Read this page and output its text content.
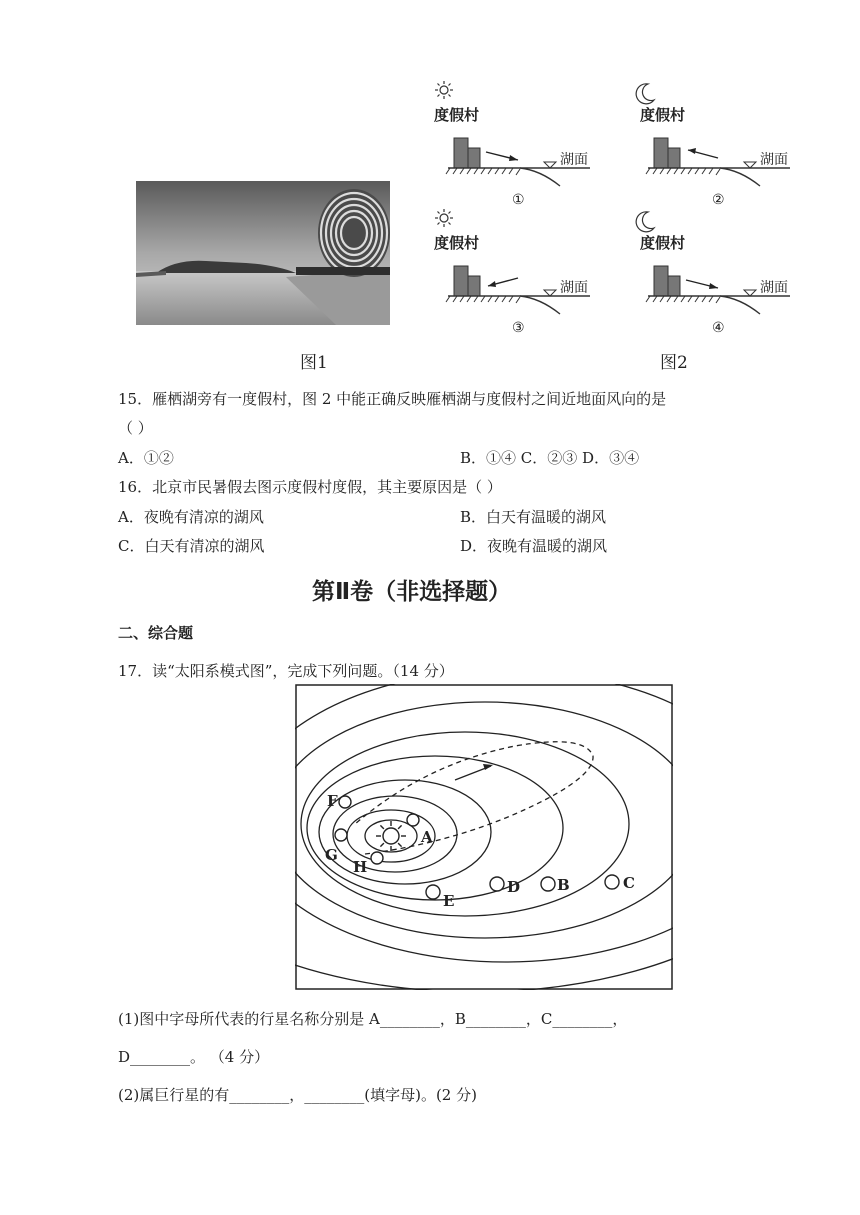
图1
度假村
湖面
①
度假村
湖面
②
度假村
湖面
③
度假村
湖面
④
图2
15．雁栖湖旁有一度假村，图 2 中能正确反映雁栖湖与度假村之间近地面风向的是
（ ）
A．①②	B．①④ C．②③ D．③④
16．北京市民暑假去图示度假村度假，其主要原因是（ ）
A．夜晚有清凉的湖风	B．白天有温暖的湖风
C．白天有清凉的湖风	D．夜晚有温暖的湖风
第Ⅱ卷（非选择题）
二、综合题
17．读“太阳系模式图”，完成下列问题。（14 分）
A
B	C
D
E
F
G
H
(1)图中字母所代表的行星名称分别是 A________，B________，C________，
D________。 （4 分）
(2)属巨行星的有________，________(填字母)。(2 分)
